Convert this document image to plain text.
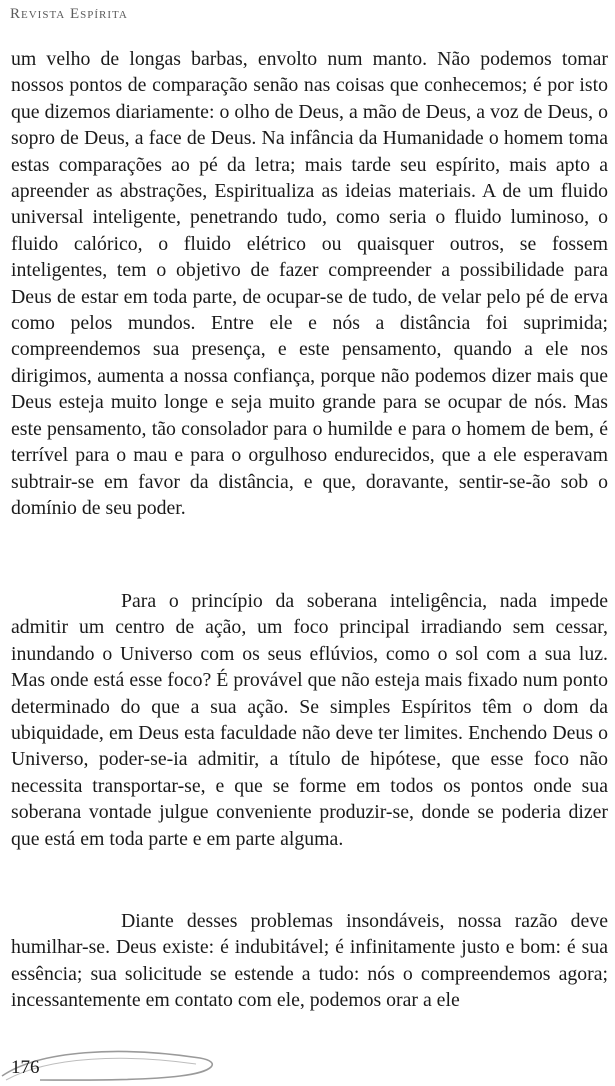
Revista Espírita

um velho de longas barbas, envolto num manto. Não podemos tomar nossos pontos de comparação senão nas coisas que conhecemos; é por isto que dizemos diariamente: o olho de Deus, a mão de Deus, a voz de Deus, o sopro de Deus, a face de Deus. Na infância da Humanidade o homem toma estas comparações ao pé da letra; mais tarde seu espírito, mais apto a apreender as abstrações, Espiritualiza as ideias materiais. A de um fluido universal inteligente, penetrando tudo, como seria o fluido luminoso, o fluido calórico, o fluido elétrico ou quaisquer outros, se fossem inteligentes, tem o objetivo de fazer compreender a possibilidade para Deus de estar em toda parte, de ocupar-se de tudo, de velar pelo pé de erva como pelos mundos. Entre ele e nós a distância foi suprimida; compreendemos sua presença, e este pensamento, quando a ele nos dirigimos, aumenta a nossa confiança, porque não podemos dizer mais que Deus esteja muito longe e seja muito grande para se ocupar de nós. Mas este pensamento, tão consolador para o humilde e para o homem de bem, é terrível para o mau e para o orgulhoso endurecidos, que a ele esperavam subtrair-se em favor da distância, e que, doravante, sentir-se-ão sob o domínio de seu poder.

Para o princípio da soberana inteligência, nada impede admitir um centro de ação, um foco principal irradiando sem cessar, inundando o Universo com os seus eflúvios, como o sol com a sua luz. Mas onde está esse foco? É provável que não esteja mais fixado num ponto determinado do que a sua ação. Se simples Espíritos têm o dom da ubiquidade, em Deus esta faculdade não deve ter limites. Enchendo Deus o Universo, poder-se-ia admitir, a título de hipótese, que esse foco não necessita transportar-se, e que se forme em todos os pontos onde sua soberana vontade julgue conveniente produzir-se, donde se poderia dizer que está em toda parte e em parte alguma.

Diante desses problemas insondáveis, nossa razão deve humilhar-se. Deus existe: é indubitável; é infinitamente justo e bom: é sua essência; sua solicitude se estende a tudo: nós o compreendemos agora; incessantemente em contato com ele, podemos orar a ele

176
